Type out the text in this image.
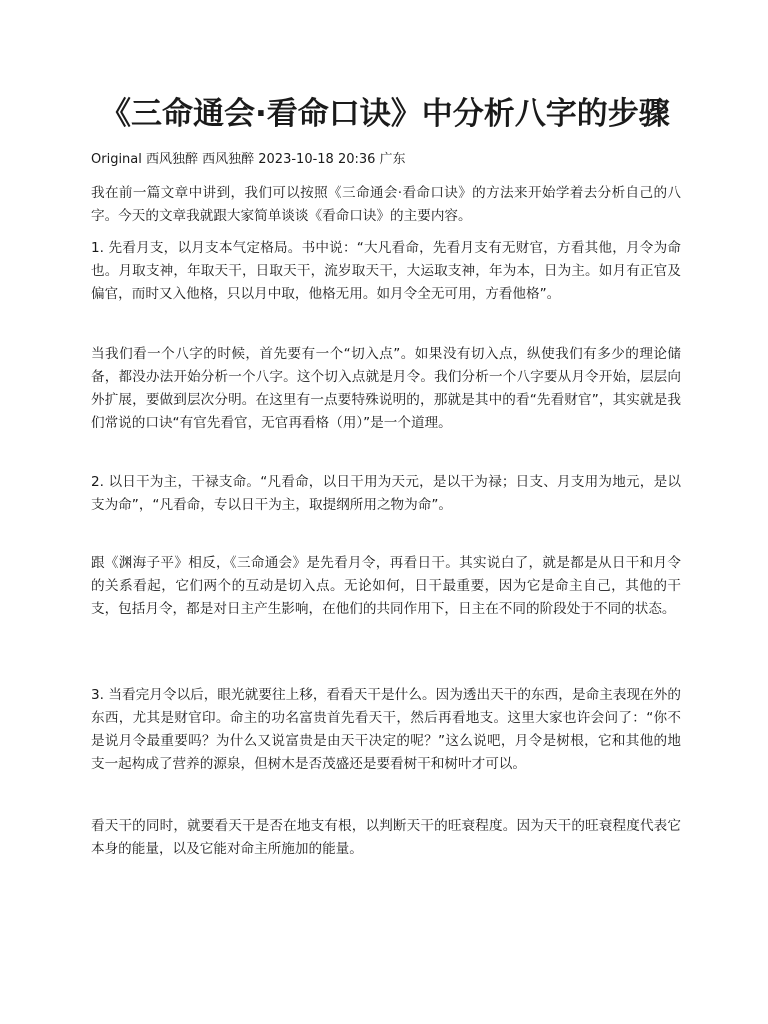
《三命通会·看命口诀》中分析八字的步骤

Original 西风独醉 西风独醉 2023-10-18 20:36 广东

我在前一篇文章中讲到，我们可以按照《三命通会·看命口诀》的方法来开始学着去分析自己的八字。今天的文章我就跟大家简单谈谈《看命口诀》的主要内容。

1. 先看月支，以月支本气定格局。书中说：“大凡看命，先看月支有无财官，方看其他，月令为命也。月取支神，年取天干，日取天干，流岁取天干，大运取支神，年为本，日为主。如月有正官及偏官，而时又入他格，只以月中取，他格无用。如月令全无可用，方看他格”。

当我们看一个八字的时候，首先要有一个“切入点”。如果没有切入点，纵使我们有多少的理论储备，都没办法开始分析一个八字。这个切入点就是月令。我们分析一个八字要从月令开始，层层向外扩展，要做到层次分明。在这里有一点要特殊说明的，那就是其中的看“先看财官”，其实就是我们常说的口诀“有官先看官，无官再看格（用）”是一个道理。

2. 以日干为主，干禄支命。“凡看命，以日干用为天元，是以干为禄；日支、月支用为地元，是以支为命”，“凡看命，专以日干为主，取提纲所用之物为命”。

跟《渊海子平》相反，《三命通会》是先看月令，再看日干。其实说白了，就是都是从日干和月令的关系看起，它们两个的互动是切入点。无论如何，日干最重要，因为它是命主自己，其他的干支，包括月令，都是对日主产生影响，在他们的共同作用下，日主在不同的阶段处于不同的状态。

3. 当看完月令以后，眼光就要往上移，看看天干是什么。因为透出天干的东西，是命主表现在外的东西，尤其是财官印。命主的功名富贵首先看天干，然后再看地支。这里大家也许会问了：“你不是说月令最重要吗？为什么又说富贵是由天干决定的呢？”这么说吧，月令是树根，它和其他的地支一起构成了营养的源泉，但树木是否茂盛还是要看树干和树叶才可以。

看天干的同时，就要看天干是否在地支有根，以判断天干的旺衰程度。因为天干的旺衰程度代表它本身的能量，以及它能对命主所施加的能量。
